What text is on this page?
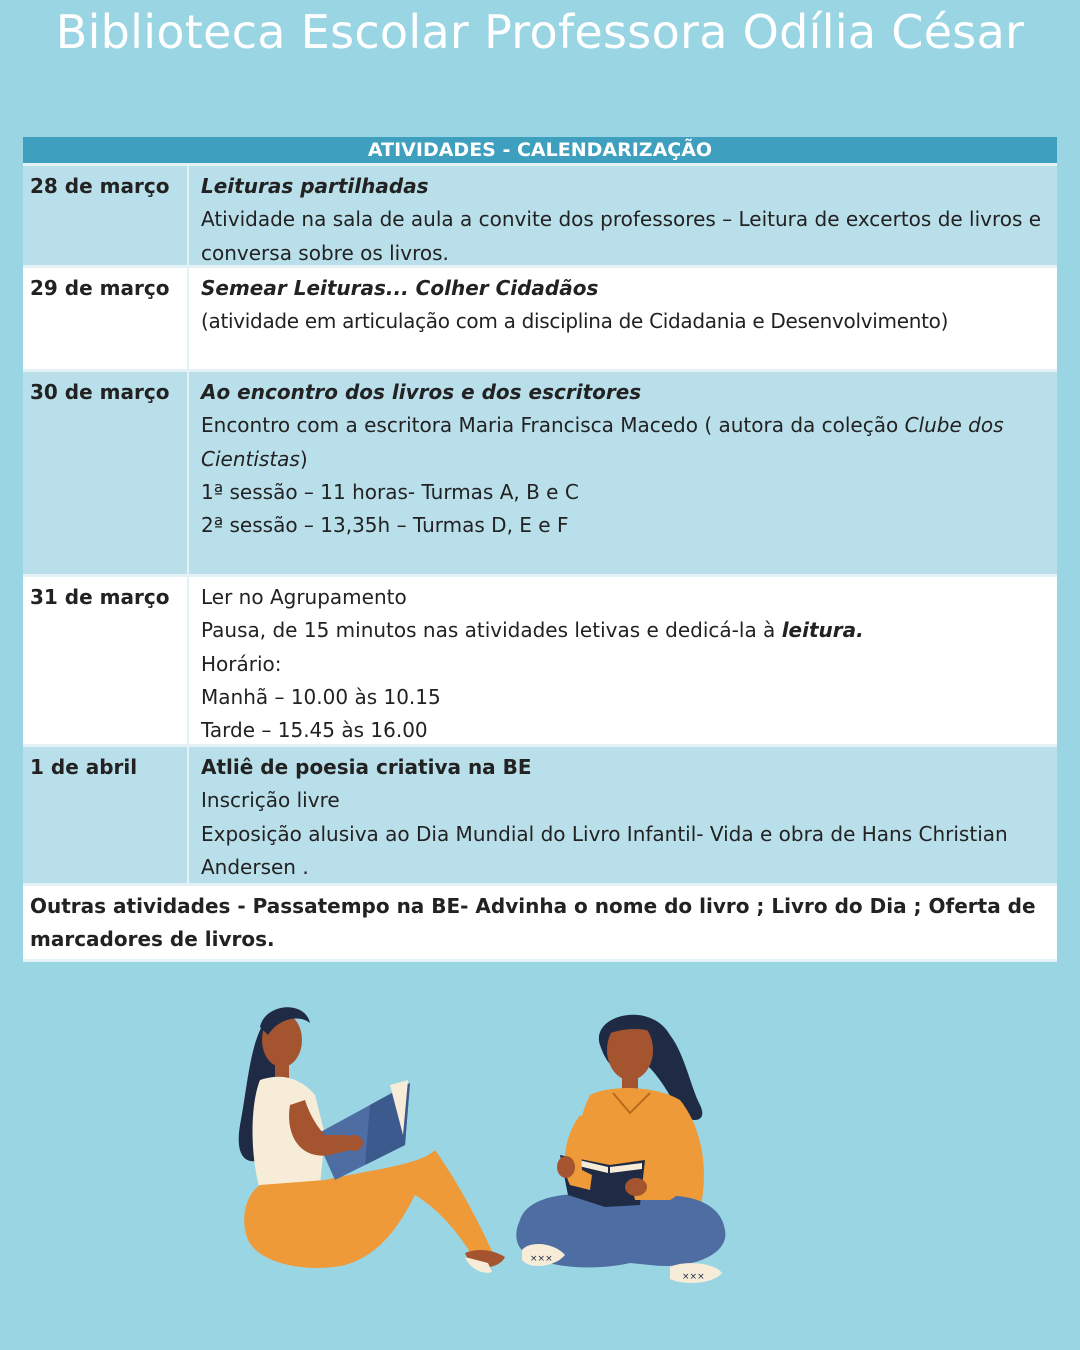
Biblioteca Escolar Professora Odília César
ATIVIDADES - CALENDARIZAÇÃO
28 de março	Leituras partilhadas
Atividade na sala de aula a convite dos professores – Leitura de excertos de livros e conversa sobre os livros.
29 de março	Semear Leituras... Colher Cidadãos
(atividade em articulação com a disciplina de Cidadania e Desenvolvimento)
30 de março	Ao encontro dos livros e dos escritores
Encontro com a escritora Maria Francisca Macedo ( autora da coleção Clube dos Cientistas)
1ª sessão – 11 horas- Turmas A, B e C
2ª sessão – 13,35h – Turmas D, E e F
31 de março	Ler no Agrupamento
Pausa, de 15 minutos nas atividades letivas e dedicá-la à leitura.
Horário:
Manhã – 10.00 às 10.15
Tarde – 15.45 às 16.00
1 de abril	Atliê de poesia criativa na BE
Inscrição livre
Exposição alusiva ao Dia Mundial do Livro Infantil- Vida e obra de Hans Christian Andersen .
Outras atividades - Passatempo na BE- Advinha o nome do livro ; Livro do Dia ; Oferta de marcadores de livros.
×××
×××
